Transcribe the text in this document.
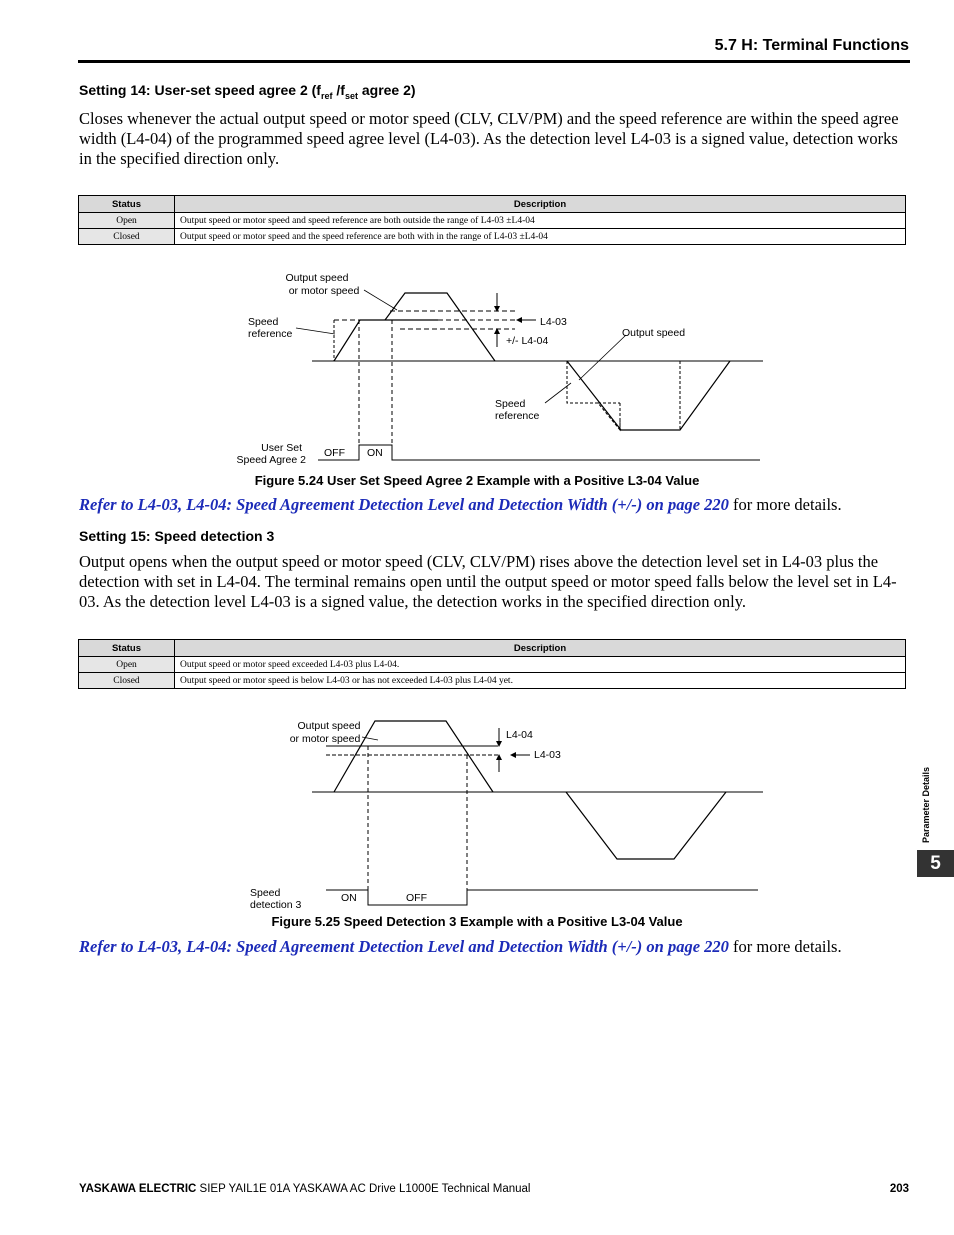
5.7 H: Terminal Functions
Setting 14: User-set speed agree 2 ($f_{ref}$ $/f_{set}$ agree 2)
Closes whenever the actual output speed or motor speed (CLV, CLV/PM) and the speed reference are within the speed agree width (L4-04) of the programmed speed agree level (L4-03). As the detection level L4-03 is a signed value, detection works in the specified direction only.
Status	Description
Open	Output speed or motor speed and speed reference are both outside the range of L4-03 ±L4-04
Closed	Output speed or motor speed and the speed reference are both with in the range of L4-03 ±L4-04
Output speed
or motor speed
Speed
reference
L4-03
+/- L4-04
Output speed
Speed
reference
User Set
Speed Agree 2
OFF ON
Figure 5.24 User Set Speed Agree 2 Example with a Positive L3-04 Value
Refer to L4-03, L4-04: Speed Agreement Detection Level and Detection Width (+/-) on page 220 for more details.
Setting 15: Speed detection 3
Output opens when the output speed or motor speed (CLV, CLV/PM) rises above the detection level set in L4-03 plus the detection with set in L4-04. The terminal remains open until the output speed or motor speed falls below the level set in L4-03. As the detection level L4-03 is a signed value, the detection works in the specified direction only.
Status	Description
Open	Output speed or motor speed exceeded L4-03 plus L4-04.
Closed	Output speed or motor speed is below L4-03 or has not exceeded L4-03 plus L4-04 yet.
Output speed
or motor speed	L4-04
L4-03
Speed
detection 3
ON	OFF
Figure 5.25 Speed Detection 3 Example with a Positive L3-04 Value
Refer to L4-03, L4-04: Speed Agreement Detection Level and Detection Width (+/-) on page 220 for more details.
Parameter Details
5
YASKAWA ELECTRIC SIEP YAIL1E 01A YASKAWA AC Drive L1000E Technical Manual	203
